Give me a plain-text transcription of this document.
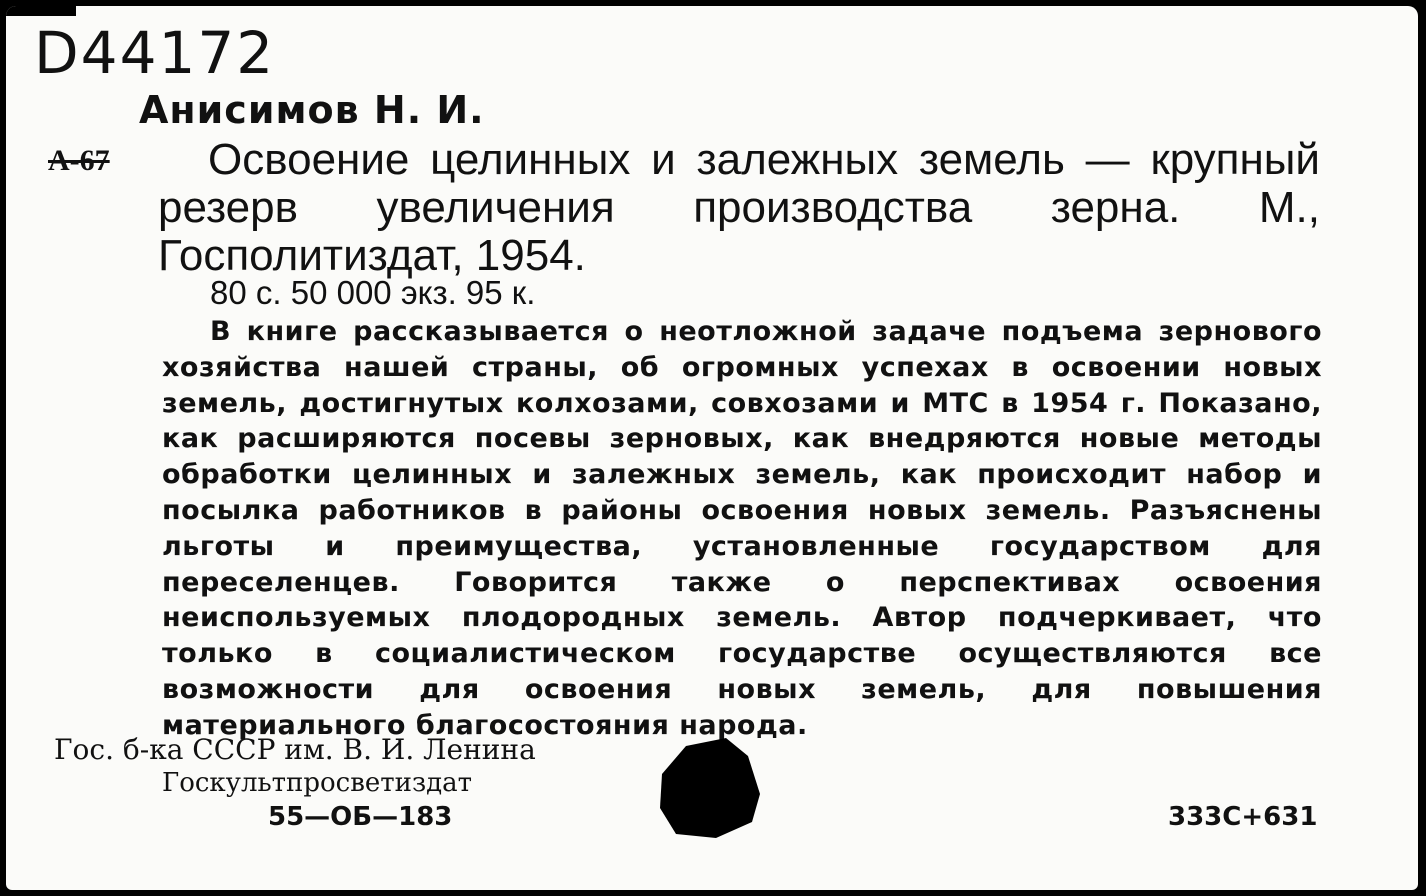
D44172
А-67
Анисимов Н. И.
Освоение целинных и залежных земель — крупный резерв увеличения производства зерна. М., Госполитиздат, 1954.
80 с. 50 000 экз. 95 к.
В книге рассказывается о неотложной задаче подъема зернового хозяйства нашей страны, об огромных успехах в освоении новых земель, достигнутых колхозами, совхозами и МТС в 1954 г. Показано, как расширяются посевы зерновых, как внедряются новые методы обработки целинных и залежных земель, как происходит набор и посылка работников в районы освоения новых земель. Разъяснены льготы и преимущества, установленные государством для переселенцев. Говорится также о перспективах освоения неиспользуемых плодородных земель. Автор подчеркивает, что только в социалистическом государстве осуществляются все возможности для освоения новых земель, для повышения материального благосостояния народа.
Гос. б-ка СССР им. В. И. Ленина
Госкультпросветиздат
55—ОБ—183	333С+631
